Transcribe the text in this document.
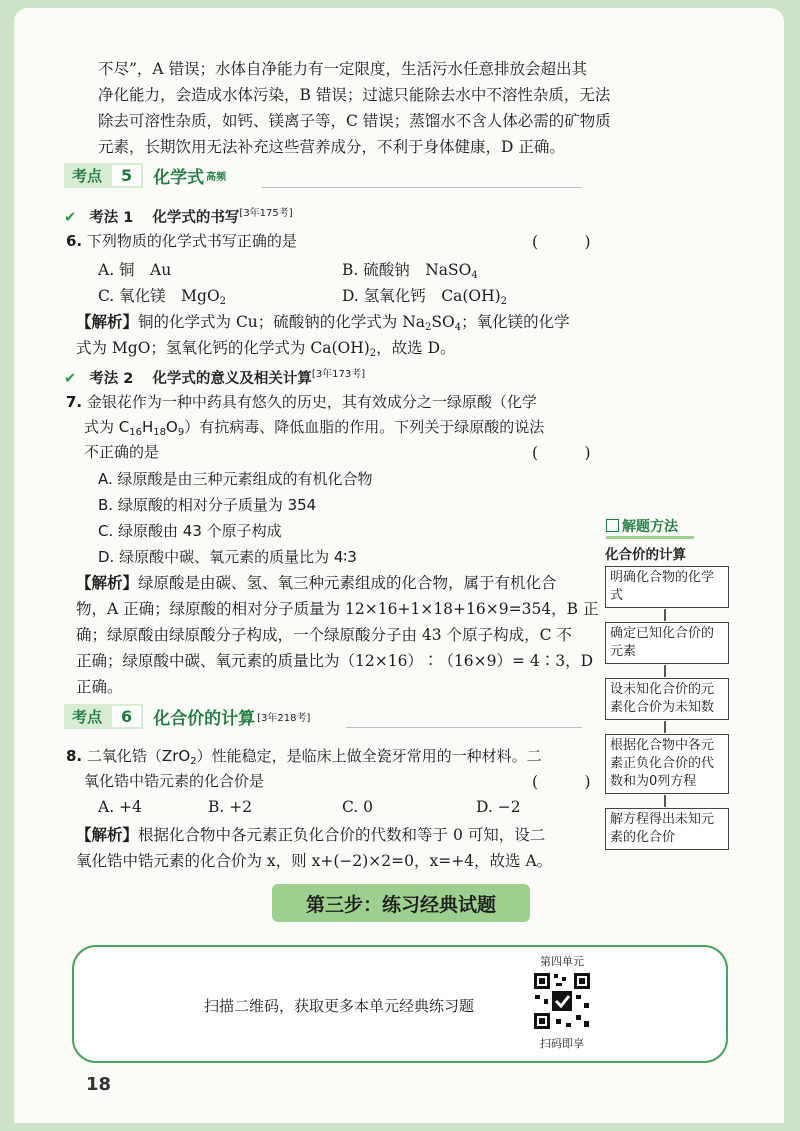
不尽”，A 错误；水体自净能力有一定限度，生活污水任意排放会超出其
净化能力，会造成水体污染，B 错误；过滤只能除去水中不溶性杂质，无法
除去可溶性杂质，如钙、镁离子等，C 错误；蒸馏水不含人体必需的矿物质
元素，长期饮用无法补充这些营养成分，不利于身体健康，D 正确。
考点	5	化学式 高频
✔ 考法 1 化学式的书写[3年175考]
6. 下列物质的化学式书写正确的是	(　　　)
A. 铜　Au	B. 硫酸钠　NaSO$_4$
C. 氧化镁　MgO$_2$	D. 氢氧化钙　$Ca(OH)_2$
【解析】铜的化学式为 Cu；硫酸钠的化学式为 $Na_2SO_4$；氧化镁的化学
式为 MgO；氢氧化钙的化学式为 $Ca(OH)_2$，故选 D。
✔ 考法 2 化学式的意义及相关计算[3年173考]
7. 金银花作为一种中药具有悠久的历史，其有效成分之一绿原酸（化学
式为 $C_{16}H_{18}O_9$）有抗病毒、降低血脂的作用。下列关于绿原酸的说法
不正确的是	(　　　)
A. 绿原酸是由三种元素组成的有机化合物
B. 绿原酸的相对分子质量为 354
C. 绿原酸由 43 个原子构成
D. 绿原酸中碳、氧元素的质量比为 4∶3
【解析】绿原酸是由碳、氢、氧三种元素组成的化合物，属于有机化合
物，A 正确；绿原酸的相对分子质量为 12×16+1×18+16×9=354，B 正
确；绿原酸由绿原酸分子构成，一个绿原酸分子由 43 个原子构成，C 不
正确；绿原酸中碳、氧元素的质量比为（12×16）∶（16×9）= 4∶3，D
正确。
考点	6	化合价的计算 [3年218考]
8. 二氧化锆（ZrO$_2$）性能稳定，是临床上做全瓷牙常用的一种材料。二
氧化锆中锆元素的化合价是	(　　　)
A. +4	B. +2	C. 0	D. −2
【解析】根据化合物中各元素正负化合价的代数和等于 0 可知，设二
氧化锆中锆元素的化合价为 x，则 x+(−2)×2=0，x=+4，故选 A。
解题方法
化合价的计算
明确化合物的化学式
确定已知化合价的元素
设未知化合价的元素化合价为未知数
根据化合物中各元素正负化合价的代数和为0列方程
解方程得出未知元素的化合价
第三步：练习经典试题
扫描二维码，获取更多本单元经典练习题
第四单元
扫码即享
18
